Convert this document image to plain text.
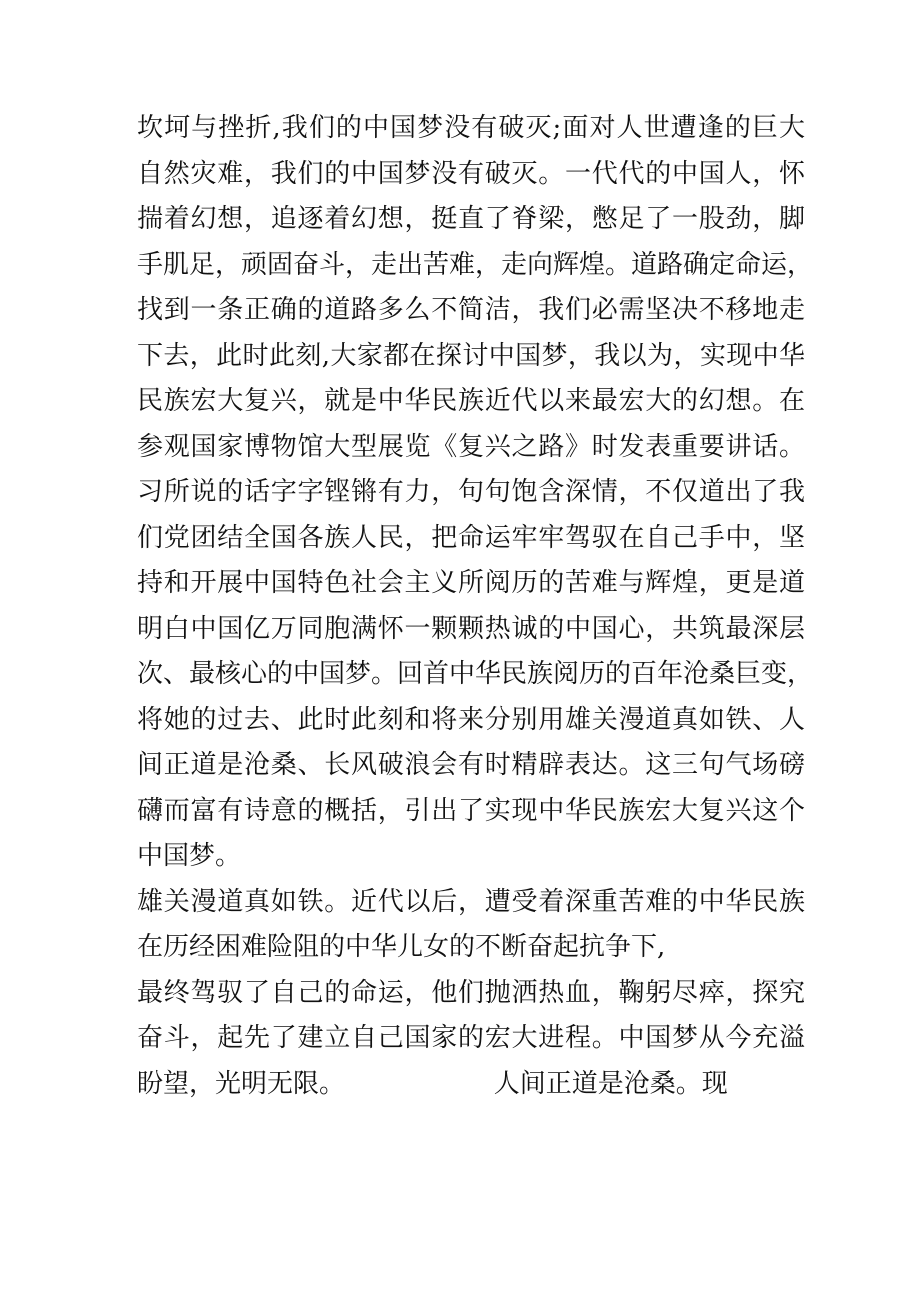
坎坷与挫折,我们的中国梦没有破灭;面对人世遭逢的巨大
自然灾难，我们的中国梦没有破灭。一代代的中国人，怀
揣着幻想，追逐着幻想，挺直了脊梁，憋足了一股劲，脚
手肌足，顽固奋斗，走出苦难，走向辉煌。道路确定命运，
找到一条正确的道路多么不简洁，我们必需坚决不移地走
下去，此时此刻,大家都在探讨中国梦，我以为，实现中华
民族宏大复兴，就是中华民族近代以来最宏大的幻想。在
参观国家博物馆大型展览《复兴之路》时发表重要讲话。
习所说的话字字铿锵有力，句句饱含深情，不仅道出了我
们党团结全国各族人民，把命运牢牢驾驭在自己手中，坚
持和开展中国特色社会主义所阅历的苦难与辉煌，更是道
明白中国亿万同胞满怀一颗颗热诚的中国心，共筑最深层
次、最核心的中国梦。回首中华民族阅历的百年沧桑巨变，
将她的过去、此时此刻和将来分别用雄关漫道真如铁、人
间正道是沧桑、长风破浪会有时精辟表达。这三句气场磅
礴而富有诗意的概括，引出了实现中华民族宏大复兴这个
中国梦。
雄关漫道真如铁。近代以后，遭受着深重苦难的中华民族
在历经困难险阻的中华儿女的不断奋起抗争下,
最终驾驭了自己的命运，他们抛洒热血，鞠躬尽瘁，探究
奋斗，起先了建立自己国家的宏大进程。中国梦从今充溢
盼望，光明无限。                  人间正道是沧桑。现
